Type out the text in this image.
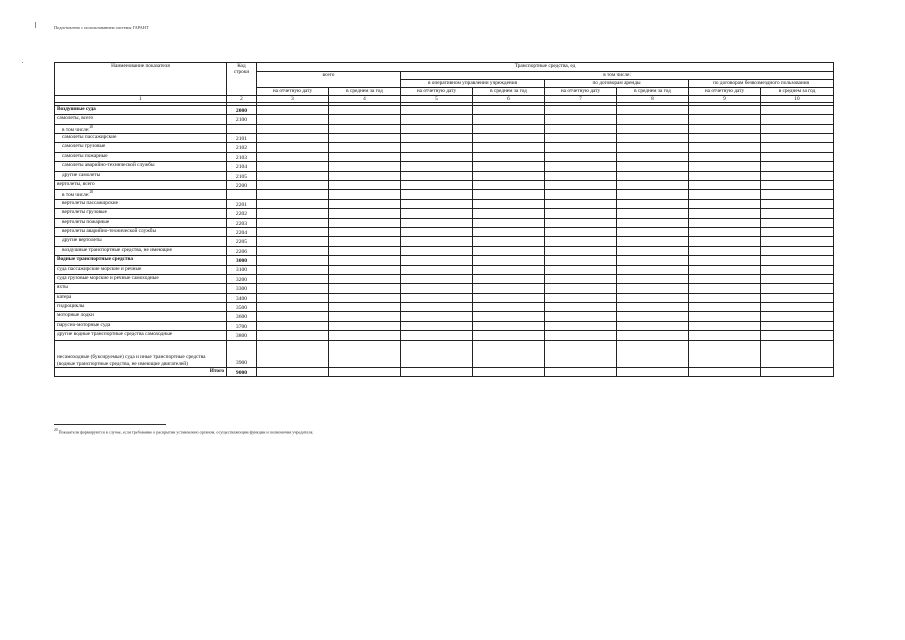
Подготовлено с использованием системы ГАРАНТ
Наименование показателя	Код строки	Транспортные средства, ед							
		всего		в том числе:					
				в оперативном управлении учреждения		по договорам аренды		по договорам безвозмездного пользования	
		на отчетную дату	в среднем за год	на отчетную дату	в среднем за год	на отчетную дату	в среднем за год	на отчетную дату	в среднем за год
1	2	3	4	5	6	7	8	9	10

Воздушные суда	2000								
самолеты, всего	2100								
в том числе:$^{20}$									
самолеты пассажирские	2101								
самолеты грузовые	2102								
самолеты пожарные	2103								
самолеты аварийно-технической службы	2104								
другие самолеты	2105								
вертолеты, всего	2200								
в том числе:$^{20}$									
вертолеты пассажирские	2201								
вертолеты грузовые	2202								
вертолеты пожарные	2203								
вертолеты аварийно-технической службы	2204								
другие вертолеты	2205								
воздушные транспортные средства, не имеющие	2206								
Водные транспортные средства	3000								
суда пассажирские морские и речные	3100								
суда грузовые морские и речные самоходные	3200								
яхты	3300								
катера	3400								
гидроциклы	3500								
моторные лодки	3600								
парусно-моторные суда	3700								
другие водные транспортные средства самоходные	3800								
несамоходные (буксируемые) суда и иные транспортные средства (водные транспортные средства, не имеющие двигателей)	3900								
Итого	9000								
$^{20}$ Показатели формируются в случае, если требование о раскрытии установлено органом, осуществляющим функции и полномочия учредителя.
